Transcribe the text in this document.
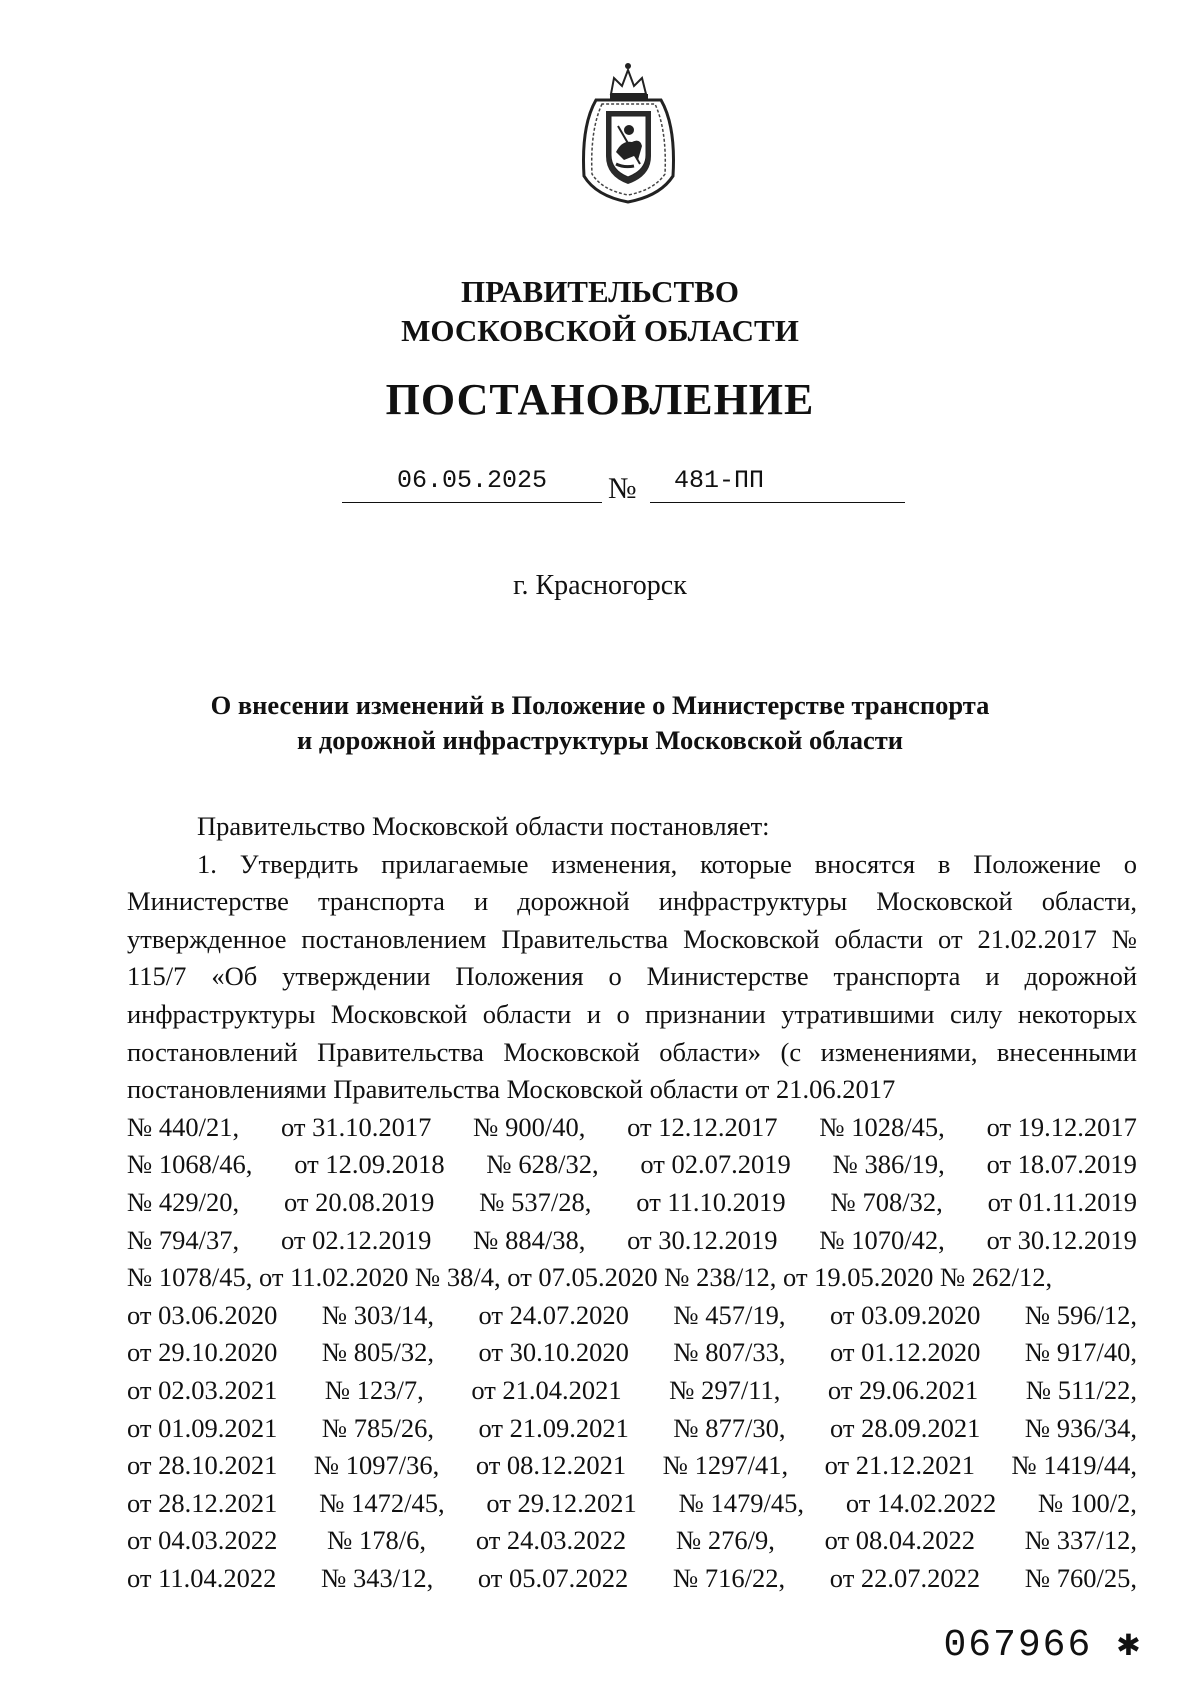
ПРАВИТЕЛЬСТВО
МОСКОВСКОЙ ОБЛАСТИ
ПОСТАНОВЛЕНИЕ
06.05.2025	№	481-ПП
г. Красногорск
О внесении изменений в Положение о Министерстве транспорта
и дорожной инфраструктуры Московской области

Правительство Московской области постановляет:

1. Утвердить прилагаемые изменения, которые вносятся в Положение о Министерстве транспорта и дорожной инфраструктуры Московской области, утвержденное постановлением Правительства Московской области от 21.02.2017 № 115/7 «Об утверждении Положения о Министерстве транспорта и дорожной инфраструктуры Московской области и о признании утратившими силу некоторых постановлений Правительства Московской области» (с изменениями, внесенными постановлениями Правительства Московской области от 21.06.2017

№ 440/21, от 31.10.2017 № 900/40, от 12.12.2017 № 1028/45, от 19.12.2017
№ 1068/46, от 12.09.2018 № 628/32, от 02.07.2019 № 386/19, от 18.07.2019
№ 429/20, от 20.08.2019 № 537/28, от 11.10.2019 № 708/32, от 01.11.2019
№ 794/37, от 02.12.2019 № 884/38, от 30.12.2019 № 1070/42, от 30.12.2019
№ 1078/45, от 11.02.2020 № 38/4, от 07.05.2020 № 238/12, от 19.05.2020 № 262/12,
от 03.06.2020 № 303/14, от 24.07.2020 № 457/19, от 03.09.2020 № 596/12,
от 29.10.2020 № 805/32, от 30.10.2020 № 807/33, от 01.12.2020 № 917/40,
от 02.03.2021 № 123/7, от 21.04.2021 № 297/11, от 29.06.2021 № 511/22,
от 01.09.2021 № 785/26, от 21.09.2021 № 877/30, от 28.09.2021 № 936/34,
от 28.10.2021 № 1097/36, от 08.12.2021 № 1297/41, от 21.12.2021 № 1419/44,
от 28.12.2021 № 1472/45, от 29.12.2021 № 1479/45, от 14.02.2022 № 100/2,
от 04.03.2022 № 178/6, от 24.03.2022 № 276/9, от 08.04.2022 № 337/12,
от 11.04.2022 № 343/12, от 05.07.2022 № 716/22, от 22.07.2022 № 760/25,
067966 ✱
